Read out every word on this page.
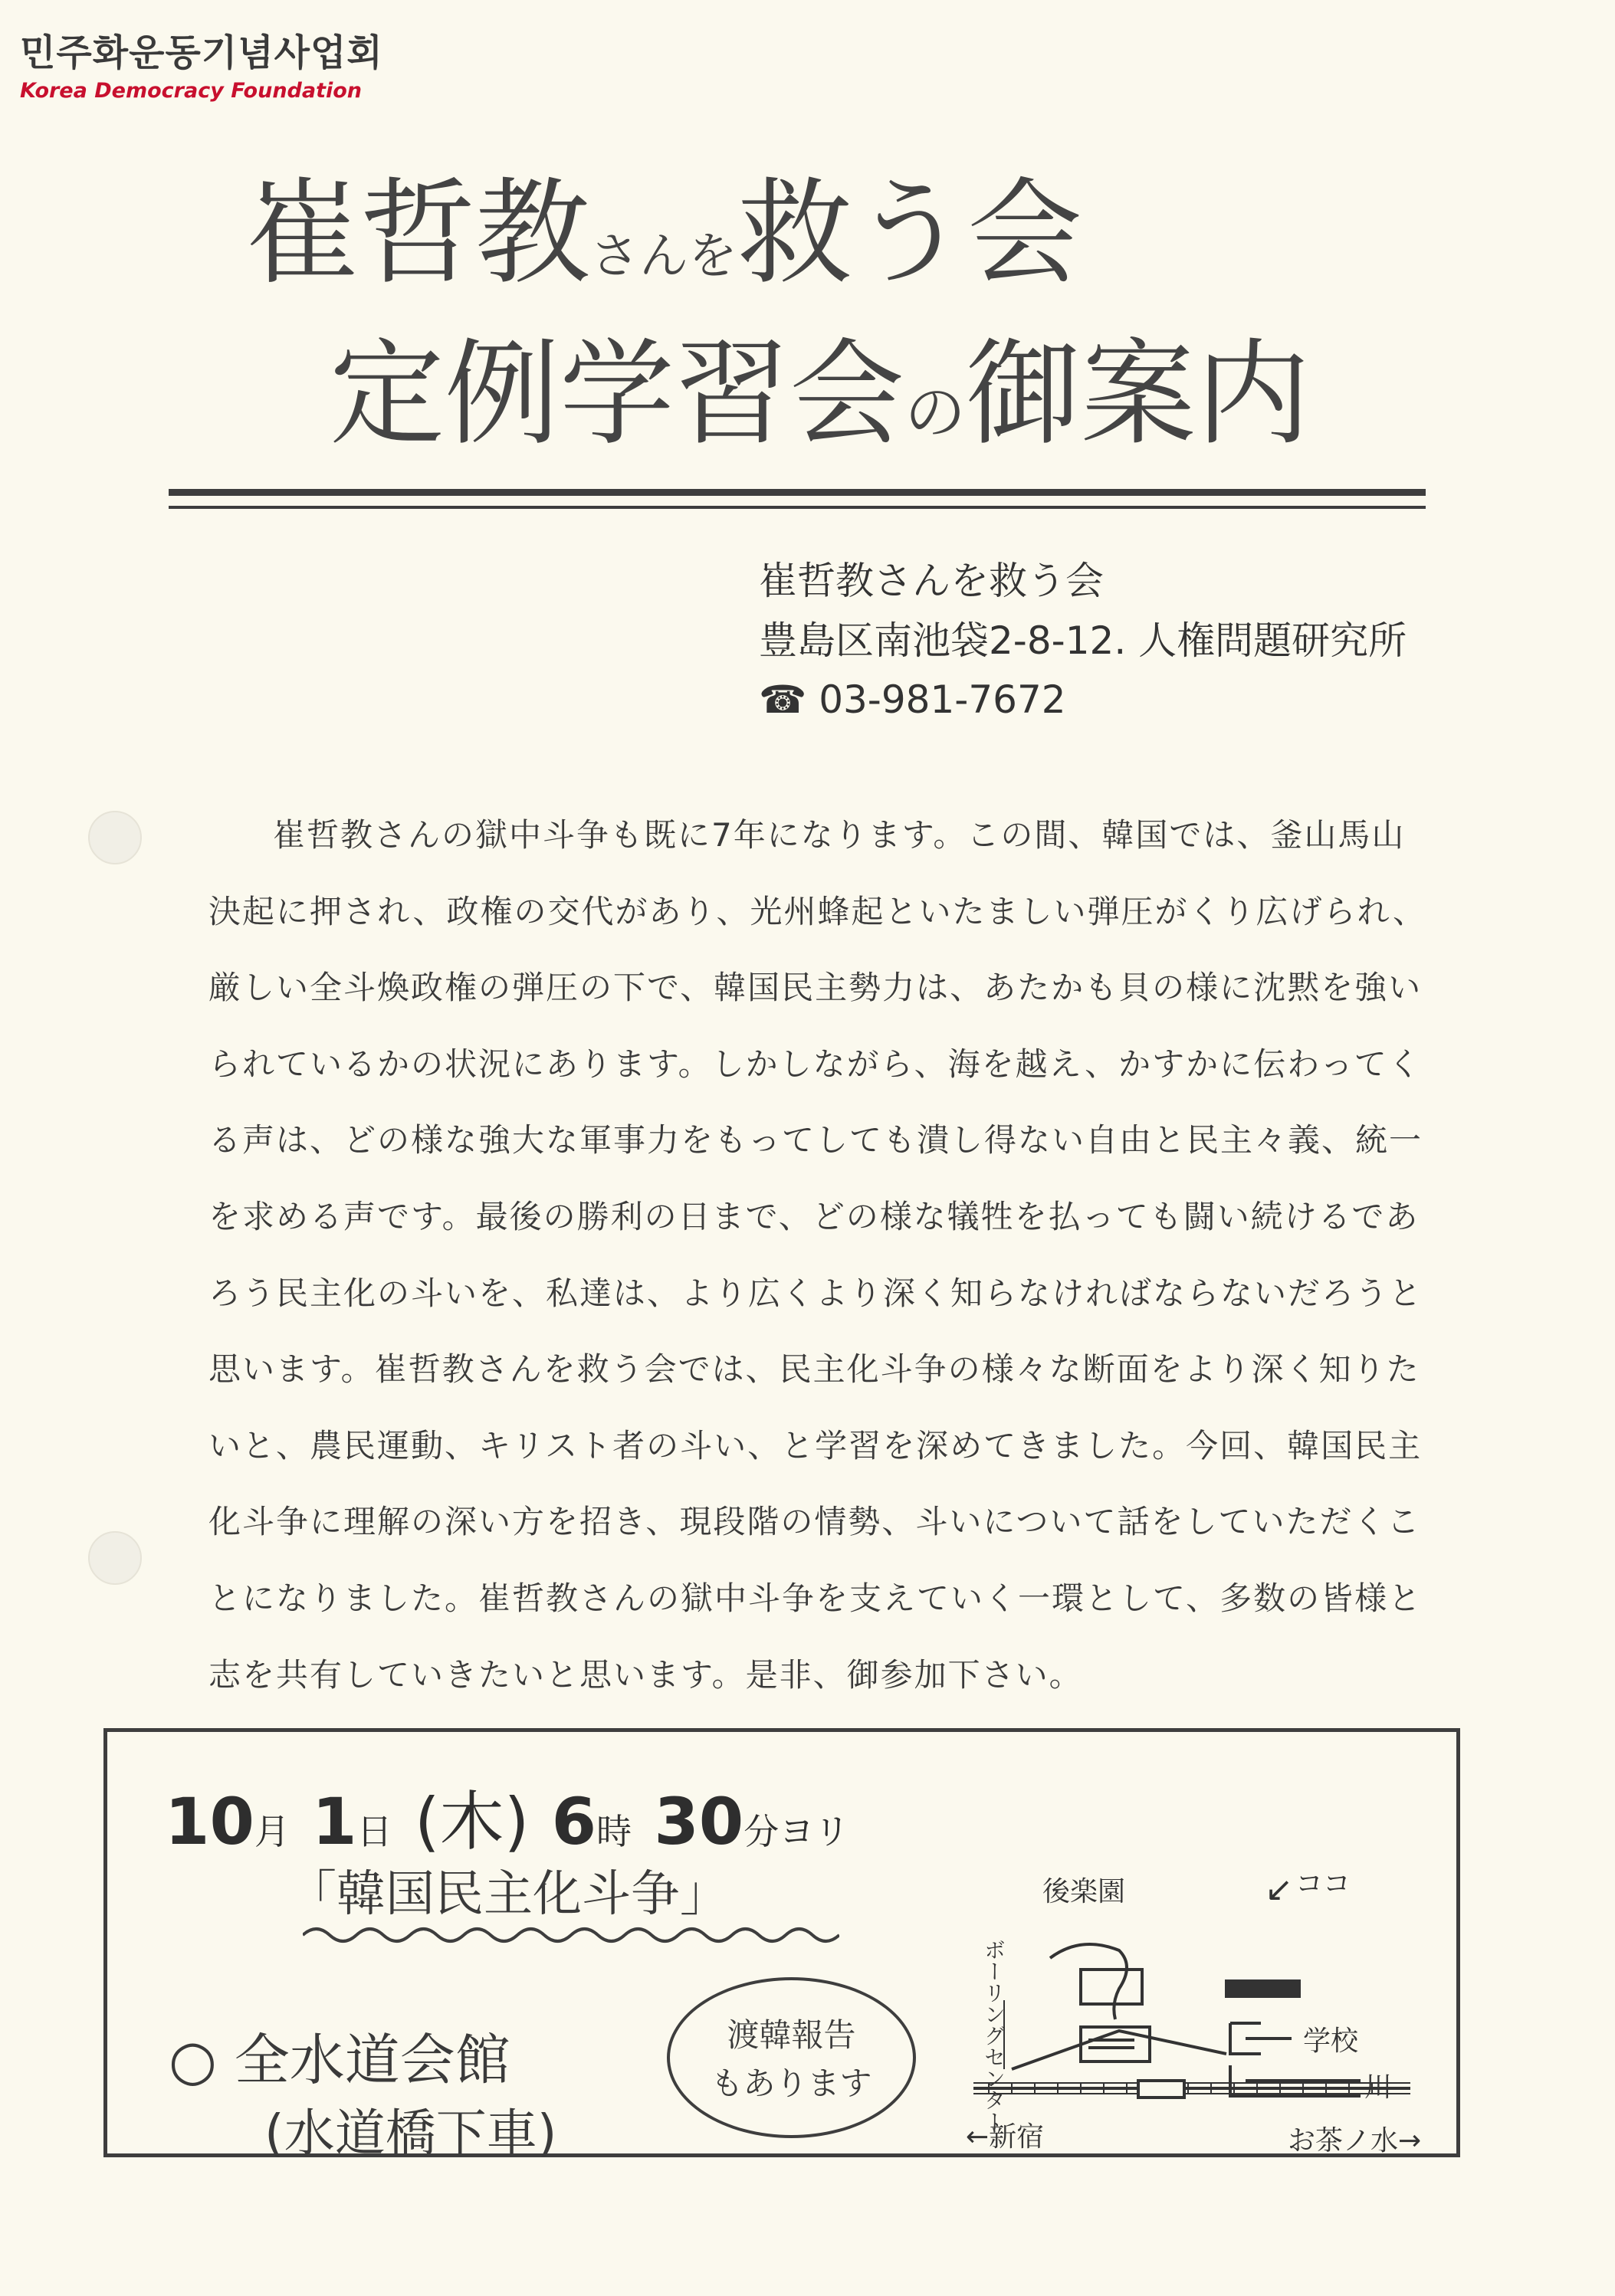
민주화운동기념사업회
Korea Democracy Foundation
崔哲教さんを救う会
定例学習会の御案内
崔哲教さんを救う会
豊島区南池袋2-8-12. 人権問題研究所
☎ 03-981-7672

崔哲教さんの獄中斗争も既に7年になります。この間、韓国では、釜山馬山決起に押され、政権の交代があり、光州蜂起といたましい弾圧がくり広げられ、厳しい全斗煥政権の弾圧の下で、韓国民主勢力は、あたかも貝の様に沈黙を強いられているかの状況にあります。しかしながら、海を越え、かすかに伝わってくる声は、どの様な強大な軍事力をもってしても潰し得ない自由と民主々義、統一を求める声です。最後の勝利の日まで、どの様な犠牲を払っても闘い続けるであろう民主化の斗いを、私達は、より広くより深く知らなければならないだろうと思います。崔哲教さんを救う会では、民主化斗争の様々な断面をより深く知りたいと、農民運動、キリスト者の斗い、と学習を深めてきました。今回、韓国民主化斗争に理解の深い方を招き、現段階の情勢、斗いについて話をしていただくことになりました。崔哲教さんの獄中斗争を支えていく一環として、多数の皆様と志を共有していきたいと思います。是非、御参加下さい。

10月 1日 (木) 6時 30分ヨリ
「韓国民主化斗争」
○ 全水道会館
(水道橋下車)
渡韓報告
もあります
後楽園	↙ ココ
ボーリングセンター	学校
川
←新宿	お茶ノ水→
